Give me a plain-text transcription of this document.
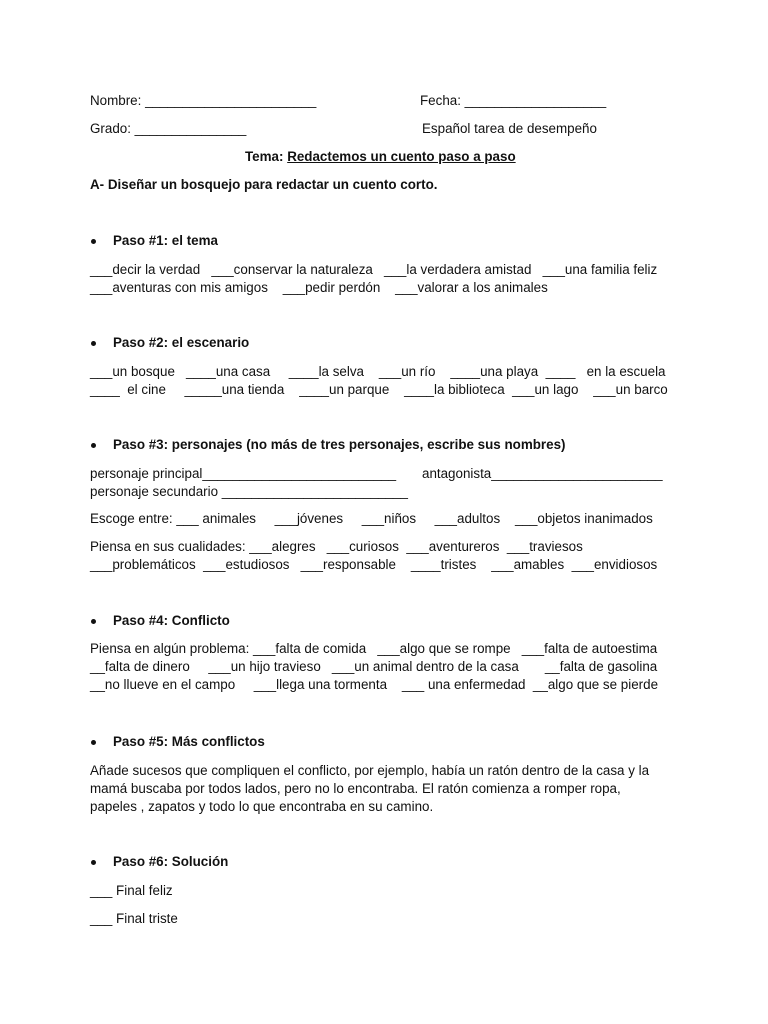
Nombre: _______________________	Fecha: ___________________
Grado: _______________	Español tarea de desempeño
Tema: Redactemos un cuento paso a paso
A- Diseñar un bosquejo para redactar un cuento corto.
Paso #1: el tema
___decir la verdad   ___conservar la naturaleza   ___la verdadera amistad   ___una familia feliz
___aventuras con mis amigos    ___pedir perdón    ___valorar a los animales
Paso #2: el escenario
___un bosque   ____una casa     ____la selva    ___un río    ____una playa  ____   en la escuela
____  el cine     _____una tienda    ____un parque    ____la biblioteca  ___un lago    ___un barco
Paso #3: personajes (no más de tres personajes, escribe sus nombres)
personaje principal__________________________ antagonista_______________________
personaje secundario _________________________
Escoge entre: ___ animales     ___jóvenes     ___niños     ___adultos    ___objetos inanimados
Piensa en sus cualidades: ___alegres   ___curiosos  ___aventureros  ___traviesos
___problemáticos  ___estudiosos   ___responsable    ____tristes    ___amables  ___envidiosos
Paso #4: Conflicto
Piensa en algún problema: ___falta de comida   ___algo que se rompe   ___falta de autoestima
__falta de dinero     ___un hijo travieso   ___un animal dentro de la casa       __falta de gasolina
__no llueve en el campo     ___llega una tormenta    ___ una enfermedad  __algo que se pierde
Paso #5: Más conflictos
Añade sucesos que compliquen el conflicto, por ejemplo, había un ratón dentro de la casa y la
mamá buscaba por todos lados, pero no lo encontraba. El ratón comienza a romper ropa,
papeles , zapatos y todo lo que encontraba en su camino.
Paso #6: Solución
___ Final feliz
___ Final triste
